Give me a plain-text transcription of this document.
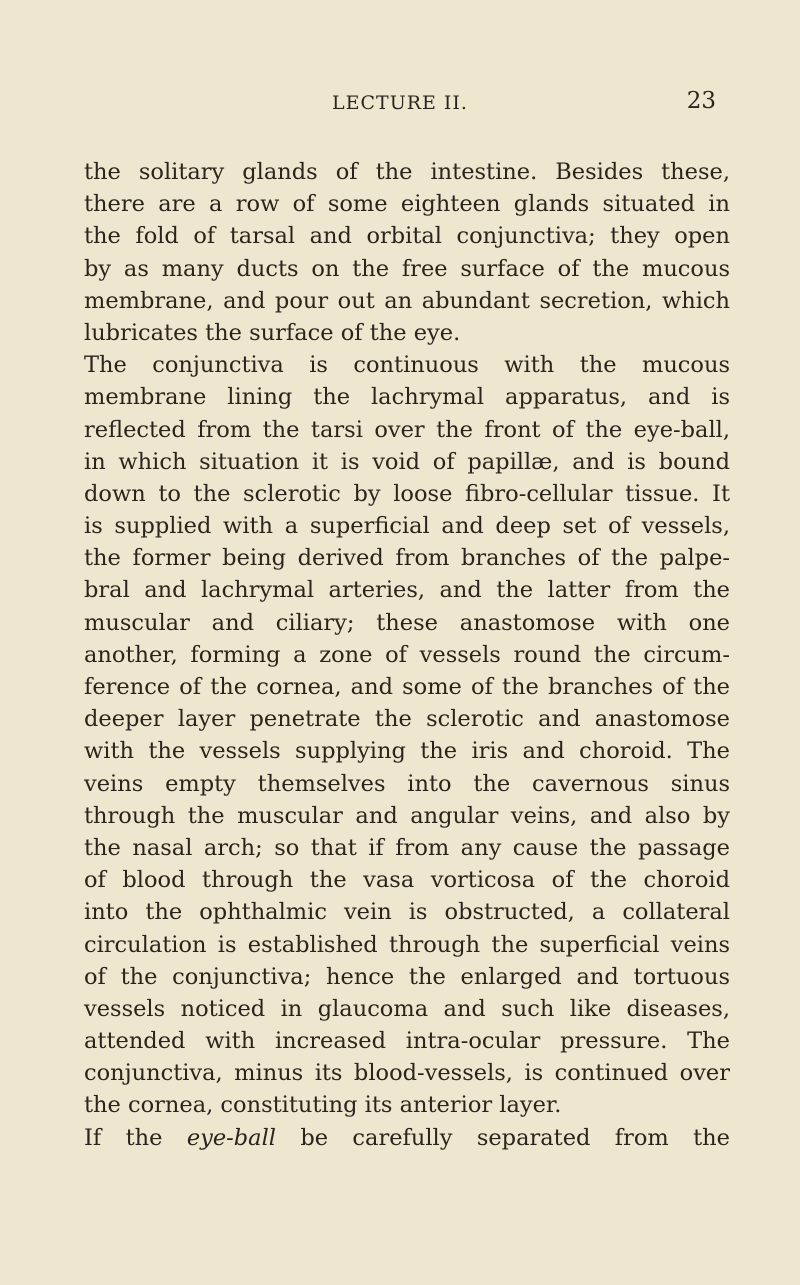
LECTURE II.	23
the solitary glands of the intestine. Besides these,
there are a row of some eighteen glands situated in
the fold of tarsal and orbital conjunctiva; they open
by as many ducts on the free surface of the mucous
membrane, and pour out an abundant secretion, which
lubricates the surface of the eye.
The conjunctiva is continuous with the mucous
membrane lining the lachrymal apparatus, and is
reflected from the tarsi over the front of the eye-ball,
in which situation it is void of papillæ, and is bound
down to the sclerotic by loose fibro-cellular tissue. It
is supplied with a superficial and deep set of vessels,
the former being derived from branches of the palpe-
bral and lachrymal arteries, and the latter from the
muscular and ciliary; these anastomose with one
another, forming a zone of vessels round the circum-
ference of the cornea, and some of the branches of the
deeper layer penetrate the sclerotic and anastomose
with the vessels supplying the iris and choroid. The
veins empty themselves into the cavernous sinus
through the muscular and angular veins, and also by
the nasal arch; so that if from any cause the passage
of blood through the vasa vorticosa of the choroid
into the ophthalmic vein is obstructed, a collateral
circulation is established through the superficial veins
of the conjunctiva; hence the enlarged and tortuous
vessels noticed in glaucoma and such like diseases,
attended with increased intra-ocular pressure. The
conjunctiva, minus its blood-vessels, is continued over
the cornea, constituting its anterior layer.
If the eye-ball be carefully separated from the
